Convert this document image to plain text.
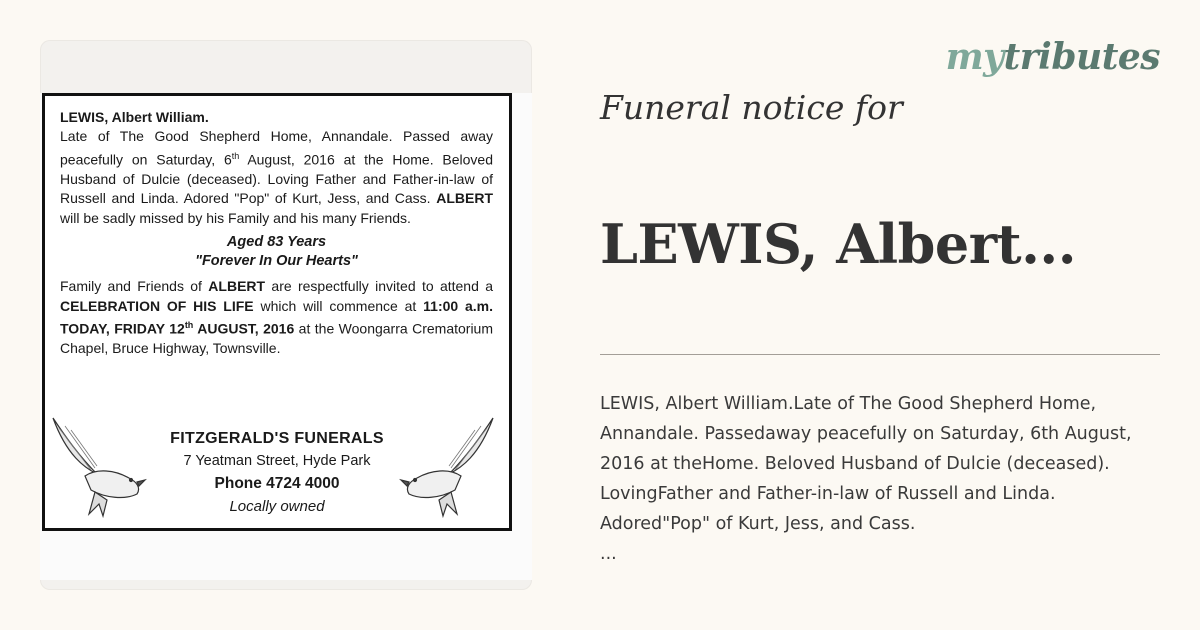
LEWIS, Albert William.
Late of The Good Shepherd Home, Annandale. Passed away peacefully on Saturday, 6th August, 2016 at the Home. Beloved Husband of Dulcie (deceased). Loving Father and Father-in-law of Russell and Linda. Adored "Pop" of Kurt, Jess, and Cass. ALBERT will be sadly missed by his Family and his many Friends.
Aged 83 Years
"Forever In Our Hearts"
Family and Friends of ALBERT are respectfully invited to attend a CELEBRATION OF HIS LIFE which will commence at 11:00 a.m. TODAY, FRIDAY 12th AUGUST, 2016 at the Woongarra Crematorium Chapel, Bruce Highway, Townsville.
FITZGERALD'S FUNERALS
7 Yeatman Street, Hyde Park
Phone 4724 4000
Locally owned
mytributes
Funeral notice for
LEWIS, Albert...
LEWIS, Albert William.Late of The Good Shepherd Home, Annandale. Passedaway peacefully on Saturday, 6th August, 2016 at theHome. Beloved Husband of Dulcie (deceased). LovingFather and Father-in-law of Russell and Linda. Adored"Pop" of Kurt, Jess, and Cass.
...
